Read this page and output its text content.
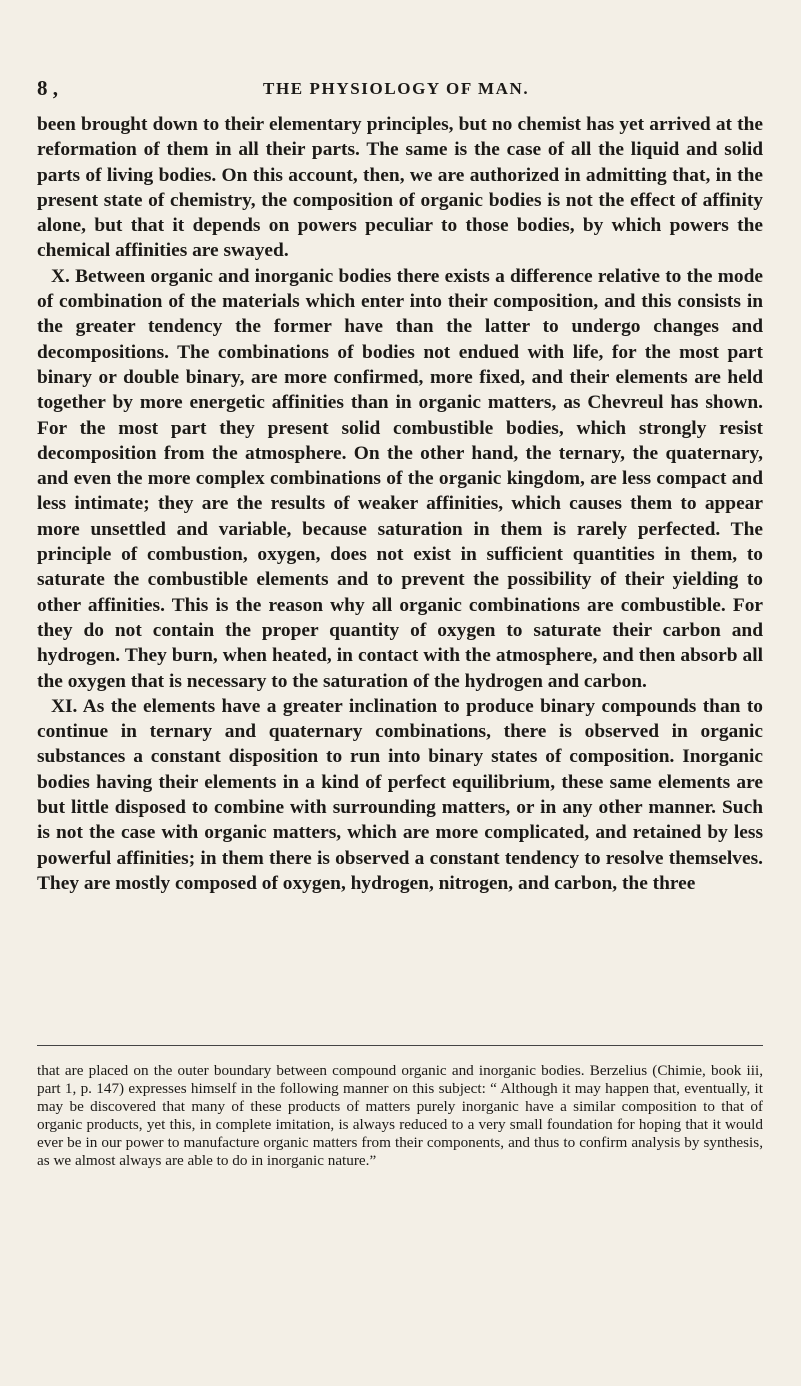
8 ,	THE PHYSIOLOGY OF MAN.

been brought down to their elementary principles, but no chemist has yet arrived at the reformation of them in all their parts. The same is the case of all the liquid and solid parts of living bodies. On this account, then, we are authorized in admitting that, in the present state of chemistry, the composition of organic bodies is not the effect of affinity alone, but that it depends on powers peculiar to those bodies, by which powers the chemical affinities are swayed.

X. Between organic and inorganic bodies there exists a difference relative to the mode of combination of the materials which enter into their composition, and this consists in the greater tendency the former have than the latter to undergo changes and decompositions. The combinations of bodies not endued with life, for the most part binary or double binary, are more confirmed, more fixed, and their elements are held together by more energetic affinities than in organic matters, as Chevreul has shown. For the most part they present solid combustible bodies, which strongly resist decomposition from the atmosphere. On the other hand, the ternary, the quaternary, and even the more complex combinations of the organic kingdom, are less compact and less intimate; they are the results of weaker affinities, which causes them to appear more unsettled and variable, because saturation in them is rarely perfected. The principle of combustion, oxygen, does not exist in sufficient quantities in them, to saturate the combustible elements and to prevent the possibility of their yielding to other affinities. This is the reason why all organic combinations are combustible. For they do not contain the proper quantity of oxygen to saturate their carbon and hydrogen. They burn, when heated, in contact with the atmosphere, and then absorb all the oxygen that is necessary to the saturation of the hydrogen and carbon.

XI. As the elements have a greater inclination to produce binary compounds than to continue in ternary and quaternary combinations, there is observed in organic substances a constant disposition to run into binary states of composition. Inorganic bodies having their elements in a kind of perfect equilibrium, these same elements are but little disposed to combine with surrounding matters, or in any other manner. Such is not the case with organic matters, which are more complicated, and retained by less powerful affinities; in them there is observed a constant tendency to resolve themselves. They are mostly composed of oxygen, hydrogen, nitrogen, and carbon, the three

that are placed on the outer boundary between compound organic and inorganic bodies. Berzelius (Chimie, book iii, part 1, p. 147) expresses himself in the following manner on this subject: “ Although it may happen that, eventually, it may be discovered that many of these products of matters purely inorganic have a similar composition to that of organic products, yet this, in complete imitation, is always reduced to a very small foundation for hoping that it would ever be in our power to manufacture organic matters from their components, and thus to confirm analysis by synthesis, as we almost always are able to do in inorganic nature.”
